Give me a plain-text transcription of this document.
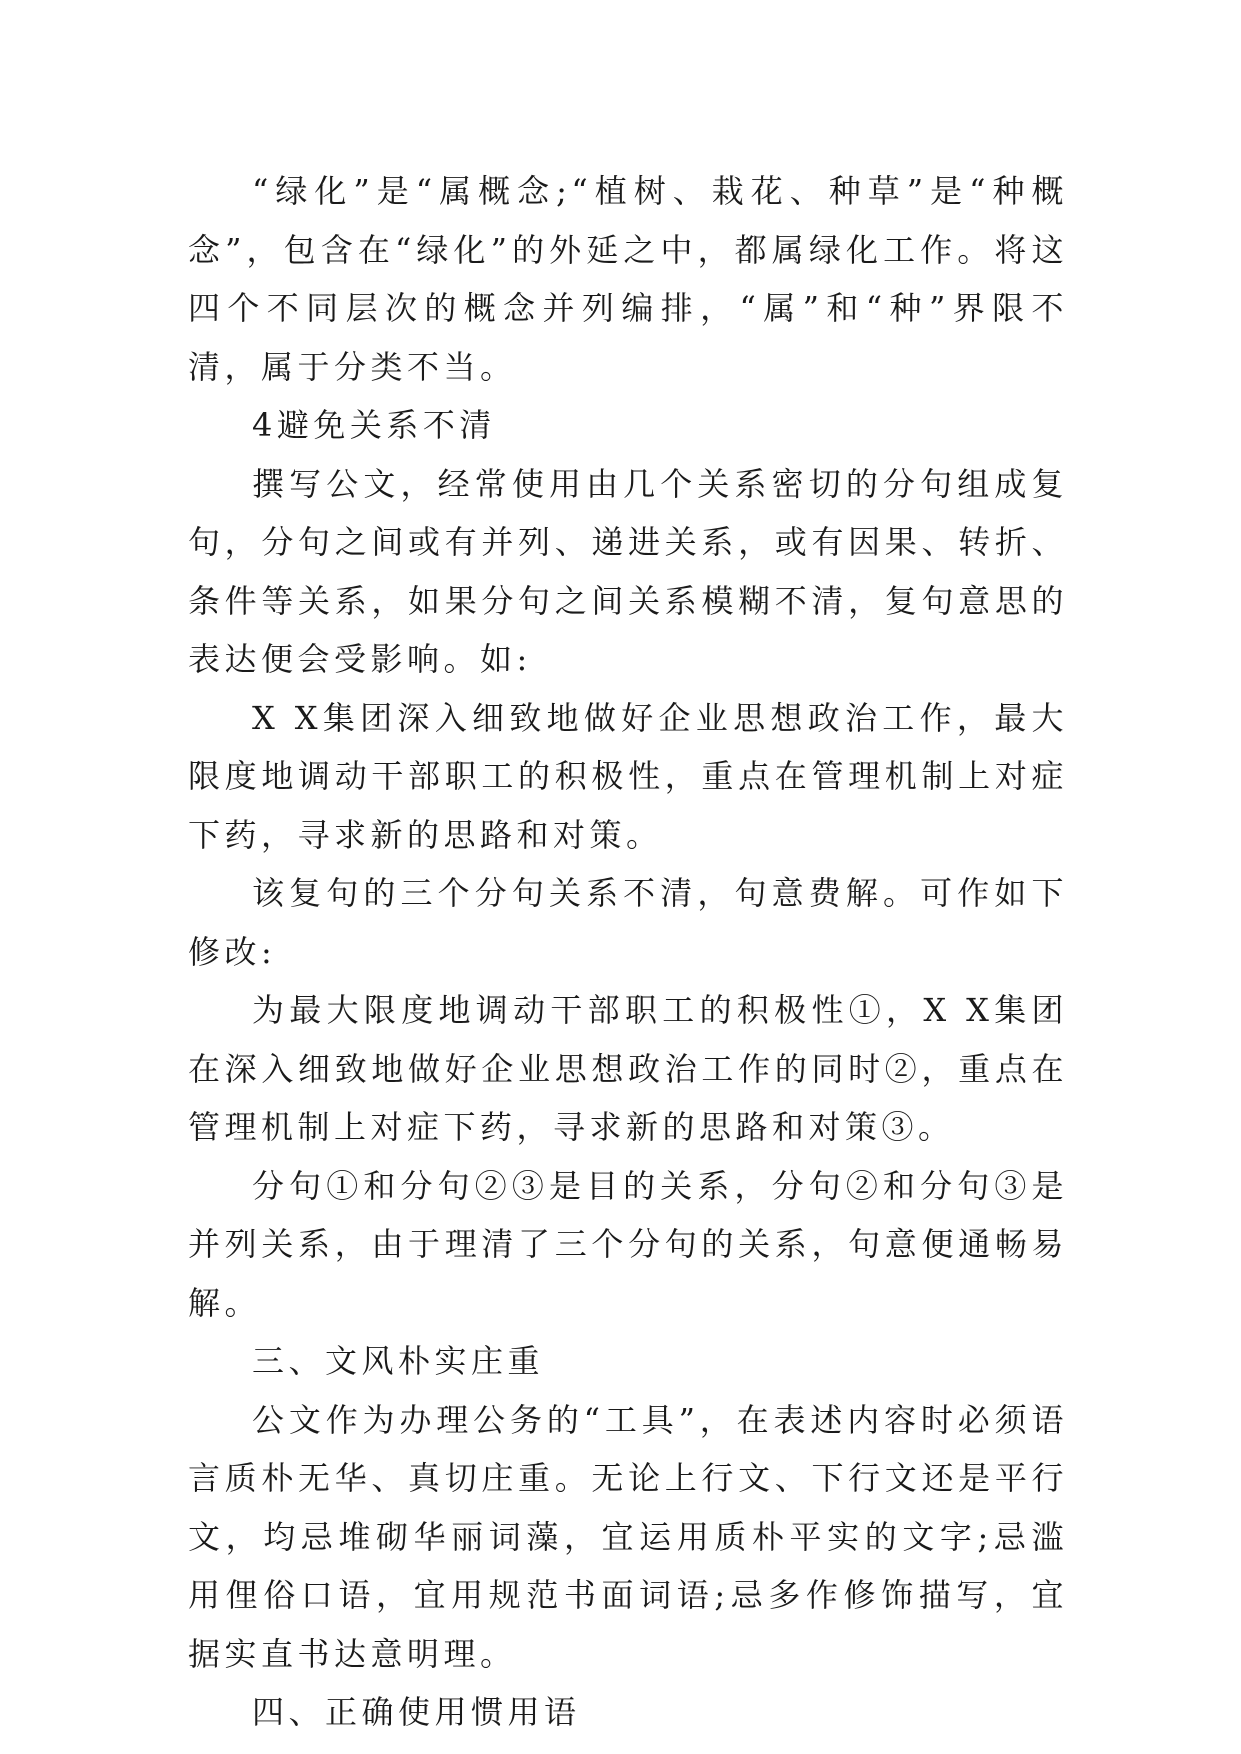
“绿化”是“属概念;“植树、栽花、种草”是“种概念”，包含在“绿化”的外延之中，都属绿化工作。将这四个不同层次的概念并列编排，“属”和“种”界限不清，属于分类不当。

4避免关系不清

撰写公文，经常使用由几个关系密切的分句组成复句，分句之间或有并列、递进关系，或有因果、转折、条件等关系，如果分句之间关系模糊不清，复句意思的表达便会受影响。如:

X X集团深入细致地做好企业思想政治工作，最大限度地调动干部职工的积极性，重点在管理机制上对症下药，寻求新的思路和对策。

该复句的三个分句关系不清，句意费解。可作如下修改:

为最大限度地调动干部职工的积极性①，X X集团在深入细致地做好企业思想政治工作的同时②，重点在管理机制上对症下药，寻求新的思路和对策③。

分句①和分句②③是目的关系，分句②和分句③是并列关系，由于理清了三个分句的关系，句意便通畅易解。

三、文风朴实庄重

公文作为办理公务的“工具”，在表述内容时必须语言质朴无华、真切庄重。无论上行文、下行文还是平行文，均忌堆砌华丽词藻，宜运用质朴平实的文字;忌滥用俚俗口语，宜用规范书面词语;忌多作修饰描写，宜据实直书达意明理。

四、正确使用惯用语
